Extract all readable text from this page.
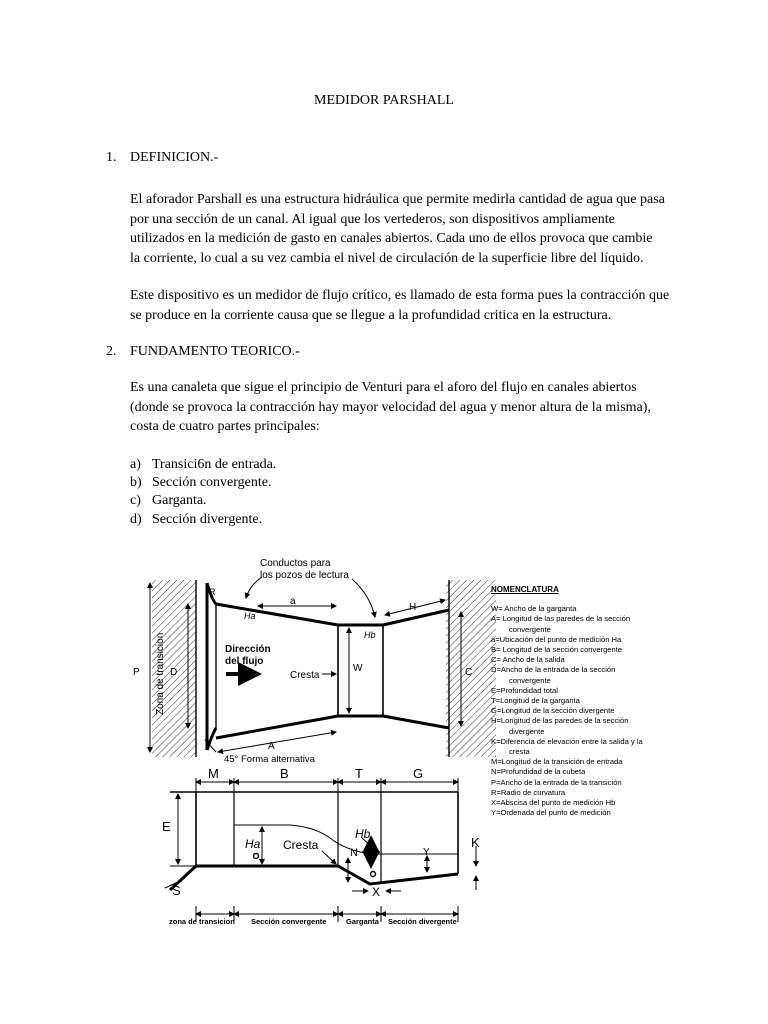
MEDIDOR PARSHALL
1. DEFINICION.-
El aforador Parshall es una estructura hidráulica que permite medirla cantidad de agua que pasa
por una sección de un canal. Al igual que los vertederos, son dispositivos ampliamente
utilizados en la medición de gasto en canales abiertos. Cada uno de ellos provoca que cambie
la corriente, lo cual a su vez cambia el nivel de circulación de la superficie libre del líquido.
Este dispositivo es un medidor de flujo crítico, es llamado de esta forma pues la contracción que
se produce en la corriente causa que se llegue a la profundidad critica en la estructura.
2. FUNDAMENTO TEORICO.-
Es una canaleta que sigue el principio de Venturi para el aforo del flujo en canales abiertos
(donde se provoca la contracción hay mayor velocidad del agua y menor altura de la misma),
costa de cuatro partes principales:
a) Transici6n de entrada.
b) Sección convergente.
c) Garganta.
d) Sección divergente.
Conductos para
los pozos de lectura
R
Ha
a
H
Hb
P	D	W	C
A
Zona de transicion	Dirección
del flujo
Cresta
45° Forma alternativa
M	B	T	G
E
Ha Cresta
Hb
N	Y
K
S	X
zona de transicion Sección convergente	Garganta Sección divergente
NOMENCLATURA
W= Ancho de la garganta
A= Longitud de las paredes de la sección
convergente
a=Ubicación del punto de medición Ha
B= Longitud de la sección convergente
C= Ancho de la salida
D=Ancho de la entrada de la sección
convergente
E=Profundidad total
T=Longitud de la garganta
G=Longitud de la sección divergente
H=Longitud de las paredes de la sección
divergente
K=Diferencia de elevación entre la salida y la
cresta
M=Longitud de la transición de entrada
N=Profundidad de la cubeta
P=Ancho de la entrada de la transición
R=Radio de curvatura
X=Abscisa del punto de medición Hb
Y=Ordenada del punto de medición
